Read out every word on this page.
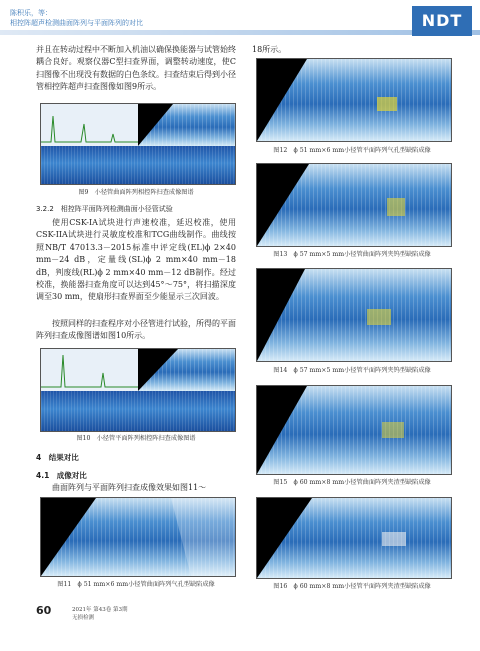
陈积乐，等：
相控阵超声检测曲面阵列与平面阵列的对比	NDT
并且在转动过程中不断加入机油以确保换能器与试管始终耦合良好。观察仪器C型扫查界面，调整转动速度，使C扫图像不出现没有数据的白色条纹。扫查结束后得到小径管相控阵超声扫查图像如图9所示。
图9　小径管曲面阵列相控阵扫查成像图谱
3.2.2　相控阵平面阵列检测曲面小径管试验
使用CSK-IA试块进行声速校准，延迟校准，使用CSK-IIA试块进行灵敏度校准和TCG曲线制作。曲线按照NB/T 47013.3－2015标准中评定线(EL)ϕ 2×40 mm－24 dB，定量线(SL)ϕ 2 mm×40 mm－18 dB，判废线(RL)ϕ 2 mm×40 mm－12 dB制作。经过校准，换能器扫查角度可以达到45°～75°，将扫描深度调至30 mm，使扇形扫查界面至少能显示三次回波。
按照同样的扫查程序对小径管进行试验，所得的平面阵列扫查成像图谱如图10所示。
图10　小径管平面阵列相控阵扫查成像图谱
4　结果对比
4.1　成像对比
曲面阵列与平面阵列扫查成像效果如图11～
图11　ϕ 51 mm×6 mm小径管曲面阵列气孔型缺陷成像
18所示。
图12　ϕ 51 mm×6 mm小径管平面阵列气孔型缺陷成像
图13　ϕ 57 mm×5 mm小径管曲面阵列夹钨型缺陷成像
图14　ϕ 57 mm×5 mm小径管平面阵列夹钨型缺陷成像
图15　ϕ 60 mm×8 mm小径管曲面阵列夹渣型缺陷成像
图16　ϕ 60 mm×8 mm小径管平面阵列夹渣型缺陷成像
60	2021年 第43卷 第3期
无损检测
